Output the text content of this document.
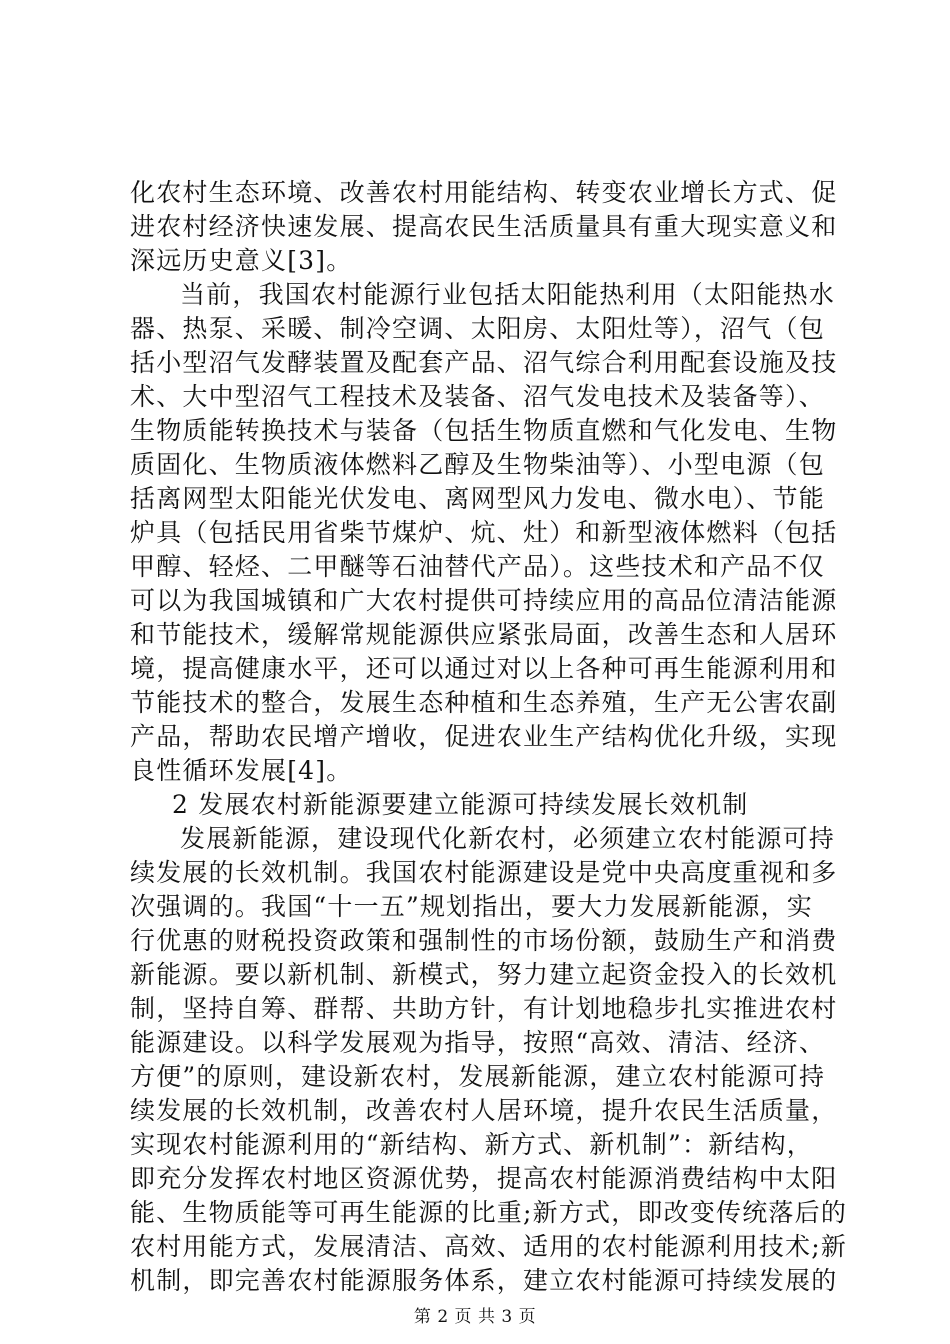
化农村生态环境、改善农村用能结构、转变农业增长方式、促
进农村经济快速发展、提高农民生活质量具有重大现实意义和
深远历史意义[3]。
当前，我国农村能源行业包括太阳能热利用（太阳能热水
器、热泵、采暖、制冷空调、太阳房、太阳灶等），沼气（包
括小型沼气发酵装置及配套产品、沼气综合利用配套设施及技
术、大中型沼气工程技术及装备、沼气发电技术及装备等）、
生物质能转换技术与装备（包括生物质直燃和气化发电、生物
质固化、生物质液体燃料乙醇及生物柴油等）、小型电源（包
括离网型太阳能光伏发电、离网型风力发电、微水电）、节能
炉具（包括民用省柴节煤炉、炕、灶）和新型液体燃料（包括
甲醇、轻烃、二甲醚等石油替代产品）。这些技术和产品不仅
可以为我国城镇和广大农村提供可持续应用的高品位清洁能源
和节能技术，缓解常规能源供应紧张局面，改善生态和人居环
境，提高健康水平，还可以通过对以上各种可再生能源利用和
节能技术的整合，发展生态种植和生态养殖，生产无公害农副
产品，帮助农民增产增收，促进农业生产结构优化升级，实现
良性循环发展[4]。
2 发展农村新能源要建立能源可持续发展长效机制
发展新能源，建设现代化新农村，必须建立农村能源可持
续发展的长效机制。我国农村能源建设是党中央高度重视和多
次强调的。我国“十一五”规划指出，要大力发展新能源，实
行优惠的财税投资政策和强制性的市场份额，鼓励生产和消费
新能源。要以新机制、新模式，努力建立起资金投入的长效机
制，坚持自筹、群帮、共助方针，有计划地稳步扎实推进农村
能源建设。以科学发展观为指导，按照“高效、清洁、经济、
方便”的原则，建设新农村，发展新能源，建立农村能源可持
续发展的长效机制，改善农村人居环境，提升农民生活质量，
实现农村能源利用的“新结构、新方式、新机制”：新结构，
即充分发挥农村地区资源优势，提高农村能源消费结构中太阳
能、生物质能等可再生能源的比重;新方式，即改变传统落后的
农村用能方式，发展清洁、高效、适用的农村能源利用技术;新
机制，即完善农村能源服务体系，建立农村能源可持续发展的
第 2 页 共 3 页
